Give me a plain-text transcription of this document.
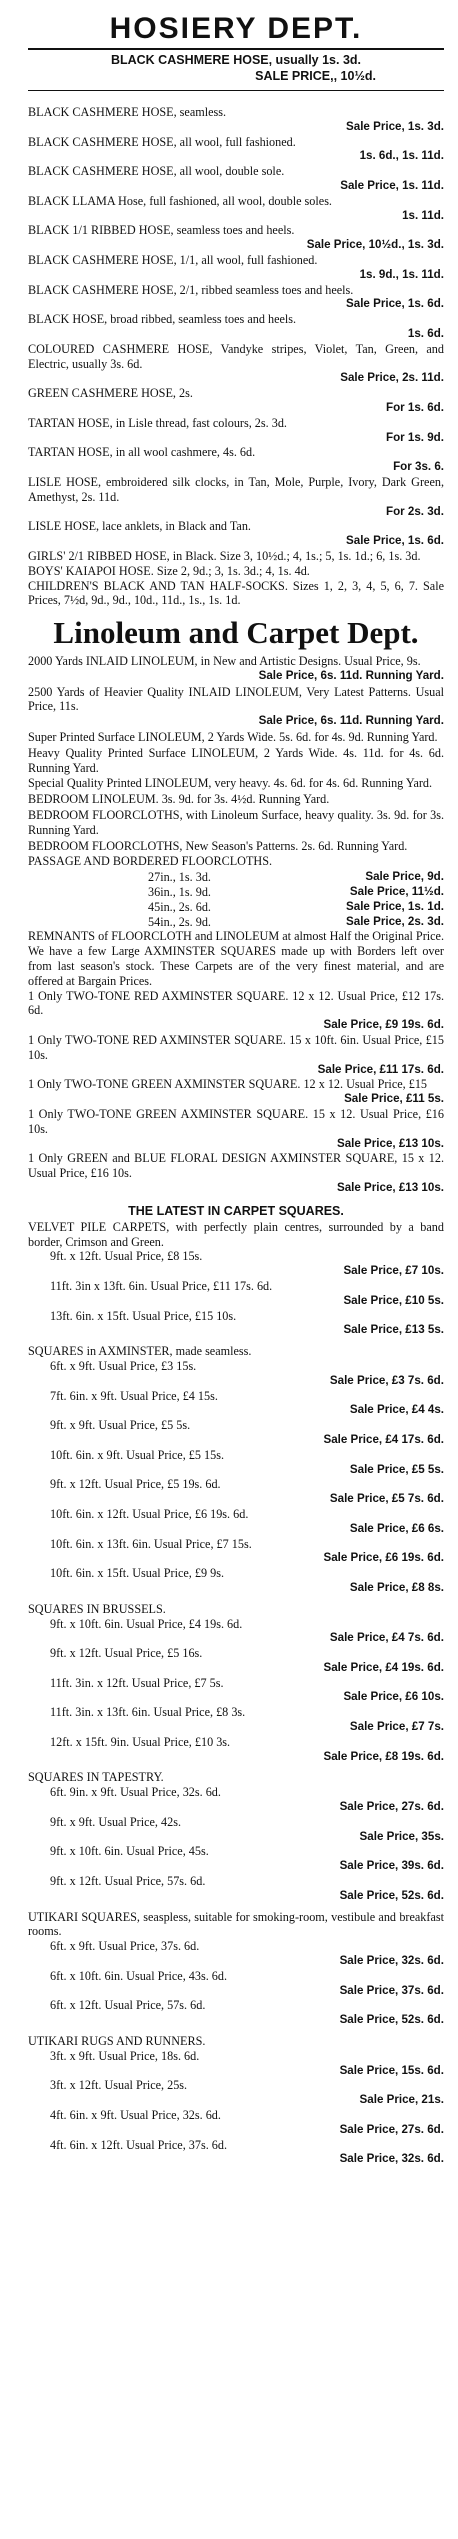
HOSIERY DEPT.
BLACK CASHMERE HOSE, usually 1s. 3d.
SALE PRICE,, 10½d.
BLACK CASHMERE HOSE, seamless.
Sale Price, 1s. 3d.
BLACK CASHMERE HOSE, all wool, full fashioned.
1s. 6d., 1s. 11d.
BLACK CASHMERE HOSE, all wool, double sole.
Sale Price, 1s. 11d.
BLACK LLAMA Hose, full fashioned, all wool, double soles.
1s. 11d.
BLACK 1/1 RIBBED HOSE, seamless toes and heels.
Sale Price, 10½d., 1s. 3d.
BLACK CASHMERE HOSE, 1/1, all wool, full fashioned.
1s. 9d., 1s. 11d.
BLACK CASHMERE HOSE, 2/1, ribbed seamless toes and heels.
Sale Price, 1s. 6d.
BLACK HOSE, broad ribbed, seamless toes and heels.
1s. 6d.
COLOURED CASHMERE HOSE, Vandyke stripes, Violet, Tan, Green, and Electric, usually 3s. 6d.
Sale Price, 2s. 11d.
GREEN CASHMERE HOSE, 2s.
For 1s. 6d.
TARTAN HOSE, in Lisle thread, fast colours, 2s. 3d.
For 1s. 9d.
TARTAN HOSE, in all wool cashmere, 4s. 6d.
For 3s. 6.
LISLE HOSE, embroidered silk clocks, in Tan, Mole, Purple, Ivory, Dark Green, Amethyst, 2s. 11d.
For 2s. 3d.
LISLE HOSE, lace anklets, in Black and Tan.
Sale Price, 1s. 6d.
GIRLS' 2/1 RIBBED HOSE, in Black. Size 3, 10½d.; 4, 1s.; 5, 1s. 1d.; 6, 1s. 3d.
BOYS' KAIAPOI HOSE. Size 2, 9d.; 3, 1s. 3d.; 4, 1s. 4d.
CHILDREN'S BLACK AND TAN HALF-SOCKS. Sizes 1, 2, 3, 4, 5, 6, 7. Sale Prices, 7½d, 9d., 9d., 10d., 11d., 1s., 1s. 1d.
Linoleum and Carpet Dept.
2000 Yards INLAID LINOLEUM, in New and Artistic Designs. Usual Price, 9s.
Sale Price, 6s. 11d. Running Yard.
2500 Yards of Heavier Quality INLAID LINOLEUM, Very Latest Patterns. Usual Price, 11s.
Sale Price, 6s. 11d. Running Yard.
Super Printed Surface LINOLEUM, 2 Yards Wide. 5s. 6d. for 4s. 9d. Running Yard.
Heavy Quality Printed Surface LINOLEUM, 2 Yards Wide. 4s. 11d. for 4s. 6d. Running Yard.
Special Quality Printed LINOLEUM, very heavy. 4s. 6d. for 4s. 6d. Running Yard.
BEDROOM LINOLEUM. 3s. 9d. for 3s. 4½d. Running Yard.
BEDROOM FLOORCLOTHS, with Linoleum Surface, heavy quality. 3s. 9d. for 3s. Running Yard.
BEDROOM FLOORCLOTHS, New Season's Patterns. 2s. 6d. Running Yard.
PASSAGE AND BORDERED FLOORCLOTHS.
27in., 1s. 3d.	Sale Price, 9d.
36in., 1s. 9d.	Sale Price, 11½d.
45in., 2s. 6d.	Sale Price, 1s. 1d.
54in., 2s. 9d.	Sale Price, 2s. 3d.
REMNANTS of FLOORCLOTH and LINOLEUM at almost Half the Original Price.
We have a few Large AXMINSTER SQUARES made up with Borders left over from last season's stock. These Carpets are of the very finest material, and are offered at Bargain Prices.
1 Only TWO-TONE RED AXMINSTER SQUARE. 12 x 12. Usual Price, £12 17s. 6d.
Sale Price, £9 19s. 6d.
1 Only TWO-TONE RED AXMINSTER SQUARE. 15 x 10ft. 6in. Usual Price, £15 10s.
Sale Price, £11 17s. 6d.
1 Only TWO-TONE GREEN AXMINSTER SQUARE. 12 x 12. Usual Price, £15
Sale Price, £11 5s.
1 Only TWO-TONE GREEN AXMINSTER SQUARE. 15 x 12. Usual Price, £16 10s.
Sale Price, £13 10s.
1 Only GREEN and BLUE FLORAL DESIGN AXMINSTER SQUARE, 15 x 12. Usual Price, £16 10s.
Sale Price, £13 10s.
THE LATEST IN CARPET SQUARES.
VELVET PILE CARPETS, with perfectly plain centres, surrounded by a band border, Crimson and Green.
9ft. x 12ft. Usual Price, £8 15s.
Sale Price, £7 10s.
11ft. 3in x 13ft. 6in. Usual Price, £11 17s. 6d.
Sale Price, £10 5s.
13ft. 6in. x 15ft. Usual Price, £15 10s.
Sale Price, £13 5s.
SQUARES in AXMINSTER, made seamless.
6ft. x 9ft. Usual Price, £3 15s.
Sale Price, £3 7s. 6d.
7ft. 6in. x 9ft. Usual Price, £4 15s.
Sale Price, £4 4s.
9ft. x 9ft. Usual Price, £5 5s.
Sale Price, £4 17s. 6d.
10ft. 6in. x 9ft. Usual Price, £5 15s.
Sale Price, £5 5s.
9ft. x 12ft. Usual Price, £5 19s. 6d.
Sale Price, £5 7s. 6d.
10ft. 6in. x 12ft. Usual Price, £6 19s. 6d.
Sale Price, £6 6s.
10ft. 6in. x 13ft. 6in. Usual Price, £7 15s.
Sale Price, £6 19s. 6d.
10ft. 6in. x 15ft. Usual Price, £9 9s.
Sale Price, £8 8s.
SQUARES IN BRUSSELS.
9ft. x 10ft. 6in. Usual Price, £4 19s. 6d.
Sale Price, £4 7s. 6d.
9ft. x 12ft. Usual Price, £5 16s.
Sale Price, £4 19s. 6d.
11ft. 3in. x 12ft. Usual Price, £7 5s.
Sale Price, £6 10s.
11ft. 3in. x 13ft. 6in. Usual Price, £8 3s.
Sale Price, £7 7s.
12ft. x 15ft. 9in. Usual Price, £10 3s.
Sale Price, £8 19s. 6d.
SQUARES IN TAPESTRY.
6ft. 9in. x 9ft. Usual Price, 32s. 6d.
Sale Price, 27s. 6d.
9ft. x 9ft. Usual Price, 42s.
Sale Price, 35s.
9ft. x 10ft. 6in. Usual Price, 45s.
Sale Price, 39s. 6d.
9ft. x 12ft. Usual Price, 57s. 6d.
Sale Price, 52s. 6d.
UTIKARI SQUARES, seaspless, suitable for smoking-room, vestibule and breakfast rooms.
6ft. x 9ft. Usual Price, 37s. 6d.
Sale Price, 32s. 6d.
6ft. x 10ft. 6in. Usual Price, 43s. 6d.
Sale Price, 37s. 6d.
6ft. x 12ft. Usual Price, 57s. 6d.
Sale Price, 52s. 6d.
UTIKARI RUGS AND RUNNERS.
3ft. x 9ft. Usual Price, 18s. 6d.
Sale Price, 15s. 6d.
3ft. x 12ft. Usual Price, 25s.
Sale Price, 21s.
4ft. 6in. x 9ft. Usual Price, 32s. 6d.
Sale Price, 27s. 6d.
4ft. 6in. x 12ft. Usual Price, 37s. 6d.
Sale Price, 32s. 6d.
